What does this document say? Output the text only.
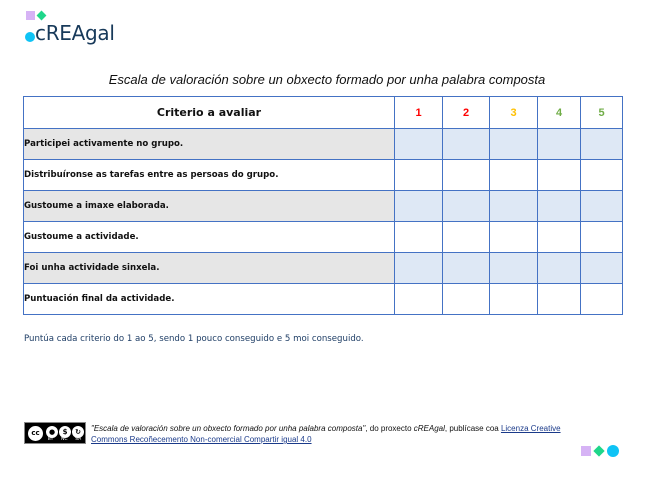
cREAgal
Escala de valoración sobre un obxecto formado por unha palabra composta
Criterio a avaliar	1	2	3	4	5
Participei activamente no grupo.					
Distribuíronse as tarefas entre as persoas do grupo.					
Gustoume a imaxe elaborada.					
Gustoume a actividade.					
Foi unha actividade sinxela.					
Puntuación final da actividade.					
Puntúa cada criterio do 1 ao 5, sendo 1 pouco conseguido e 5 moi conseguido.
cc	●	$	↻
BY NC SA
"Escala de valoración sobre un obxecto formado por unha palabra composta", do proxecto cREAgal, publícase coa Licenza Creative Commons Recoñecemento Non-comercial Compartir igual 4.0
